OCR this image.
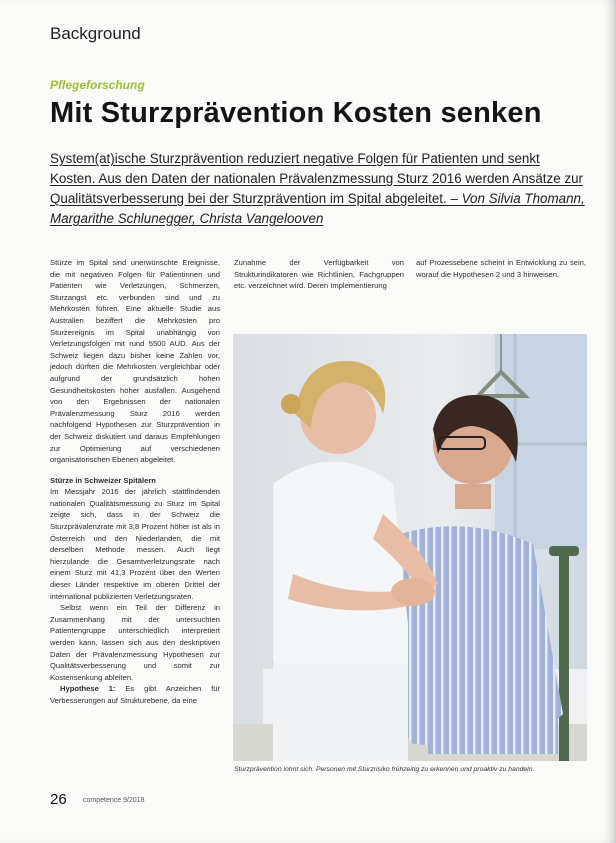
Background
Pflegeforschung
Mit Sturzprävention Kosten senken
System(at)ische Sturzprävention reduziert negative Folgen für Patienten und senkt Kosten. Aus den Daten der nationalen Prävalenzmessung Sturz 2016 werden Ansätze zur Qualitätsverbesserung bei der Sturzprävention im Spital abgeleitet. – Von Silvia Thomann, Margarithe Schlunegger, Christa Vangelooven

Stürze im Spital sind unerwünschte Ereignisse, die mit negativen Folgen für Patientinnen und Patienten wie Verletzungen, Schmerzen, Sturzangst etc. verbunden sind und zu Mehrkosten führen. Eine aktuelle Studie aus Australien beziffert die Mehrkosten pro Sturzereignis im Spital unabhängig von Verletzungsfolgen mit rund 5500 AUD. Aus der Schweiz liegen dazu bisher keine Zahlen vor, jedoch dürften die Mehrkosten vergleichbar oder aufgrund der grundsätzlich hohen Gesundheitskosten höher ausfallen. Ausgehend von den Ergebnissen der nationalen Prävalenzmessung Sturz 2016 werden nachfolgend Hypothesen zur Sturzprävention in der Schweiz diskutiert und daraus Empfehlungen zur Optimierung auf verschiedenen organisatorischen Ebenen abgeleitet.

Stürze in Schweizer Spitälern

Im Messjahr 2016 der jährlich stattfindenden nationalen Qualitätsmessung zu Sturz im Spital zeigte sich, dass in der Schweiz die Sturzprävalenzrate mit 3,8 Prozent höher ist als in Österreich und den Niederlanden, die mit derselben Methode messen. Auch liegt hierzulande die Gesamtverletzungsrate nach einem Sturz mit 41,3 Prozent über den Werten dieser Länder respektive im oberen Drittel der international publizierten Verletzungsraten.

Selbst wenn ein Teil der Differenz in Zusammenhang mit der untersuchten Patientengruppe unterschiedlich interpretiert werden kann, lassen sich aus den deskriptiven Daten der Prävalenzmessung Hypothesen zur Qualitätsverbesserung und somit zur Kostensenkung ableiten.

Hypothese 1: Es gibt Anzeichen für Verbesserungen auf Strukturebene, da eine

Zunahme der Verfügbarkeit von Strukturindikatoren wie Richtlinien, Fachgruppen etc. verzeichnet wird. Deren Implementierung

auf Prozessebene scheint in Entwicklung zu sein, worauf die Hypothesen 2 und 3 hinweisen.

Sturzprävention lohnt sich. Personen mit Sturzrisiko frühzeitig zu erkennen und proaktiv zu handeln.
26 competence 9/2018
